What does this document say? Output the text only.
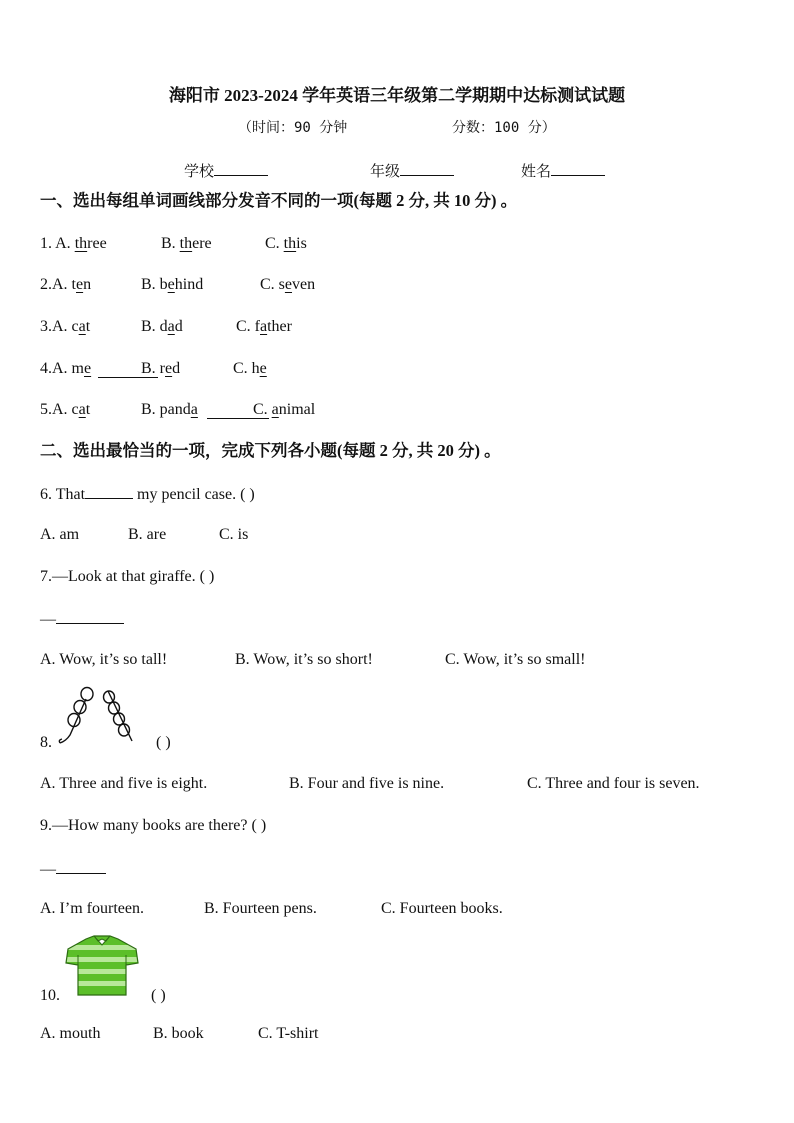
海阳市 2023-2024 学年英语三年级第二学期期中达标测试试题
（时间：90 分钟	分数：100 分）
学校	年级	姓名
一、选出每组单词画线部分发音不同的一项(每题 2 分, 共 10 分) 。
1. A. three	B. there	C. this
2.A. ten	B. behind	C. seven
3.A. cat	B. dad	C. father
4.A. me	B. red	C. he
5.A. cat	B. panda	C. animal
二、选出最恰当的一项，完成下列各小题(每题 2 分, 共 20 分) 。
6. That	my pencil case. ( )
A. am	B. are	C. is
7.—Look at that giraffe. ( )
—
A. Wow, it’s so tall!	B. Wow, it’s so short!	C. Wow, it’s so small!
8.	( )
A. Three and five is eight.	B. Four and five is nine.	C. Three and four is seven.
9.—How many books are there? ( )
—
A. I’m fourteen.	B. Fourteen pens.	C. Fourteen books.
10.	( )
A. mouth	B. book	C. T-shirt
